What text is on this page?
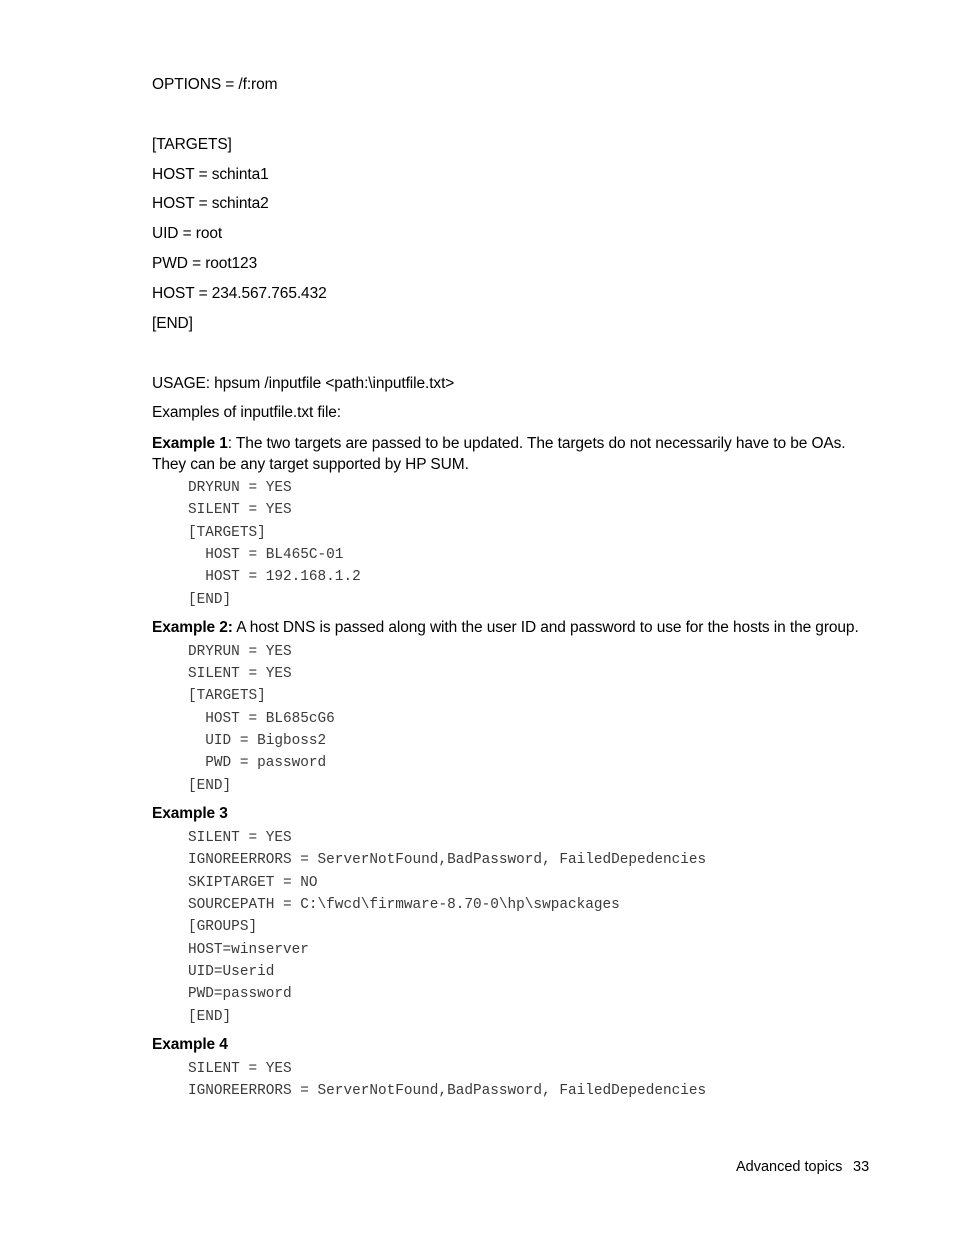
OPTIONS = /f:rom
[TARGETS]
HOST = schinta1
HOST = schinta2
UID = root
PWD = root123
HOST = 234.567.765.432
[END]
USAGE: hpsum /inputfile <path:\inputfile.txt>
Examples of inputfile.txt file:
Example 1: The two targets are passed to be updated. The targets do not necessarily have to be OAs. They can be any target supported by HP SUM.
DRYRUN = YES
SILENT = YES
[TARGETS]
HOST = BL465C-01
HOST = 192.168.1.2
[END]
Example 2: A host DNS is passed along with the user ID and password to use for the hosts in the group.
DRYRUN = YES
SILENT = YES
[TARGETS]
HOST = BL685cG6
UID = Bigboss2
PWD = password
[END]
Example 3
SILENT = YES
IGNOREERRORS = ServerNotFound,BadPassword, FailedDepedencies
SKIPTARGET = NO
SOURCEPATH = C:\fwcd\firmware-8.70-0\hp\swpackages
[GROUPS]
HOST=winserver
UID=Userid
PWD=password
[END]
Example 4
SILENT = YES
IGNOREERRORS = ServerNotFound,BadPassword, FailedDepedencies
Advanced topics 33
